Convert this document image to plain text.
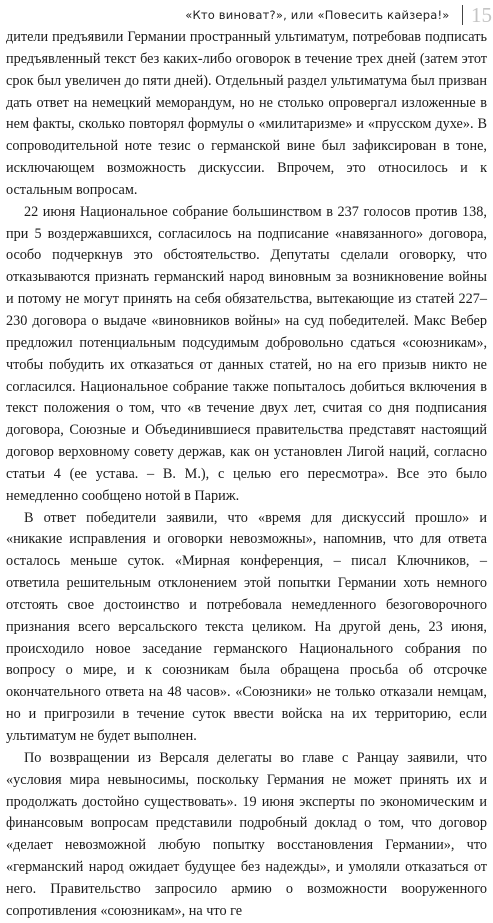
«Кто виноват?», или «Повесить кайзера!» 15

дители предъявили Германии пространный ультиматум, потребовав подписать предъявленный текст без каких-либо оговорок в течение трех дней (затем этот срок был увеличен до пяти дней). Отдельный раздел ультиматума был призван дать ответ на немецкий меморандум, но не столько опровергал изложенные в нем факты, сколько повторял формулы о «милитаризме» и «прусском духе». В сопроводительной ноте тезис о германской вине был зафиксирован в тоне, исключающем возможность дискуссии. Впрочем, это относилось и к остальным вопросам.

22 июня Национальное собрание большинством в 237 голосов против 138, при 5 воздержавшихся, согласилось на подписание «навязанного» договора, особо подчеркнув это обстоятельство. Депутаты сделали оговорку, что отказываются признать германский народ виновным за возникновение войны и потому не могут принять на себя обязательства, вытекающие из статей 227–230 договора о выдаче «виновников войны» на суд победителей. Макс Вебер предложил потенциальным подсудимым добровольно сдаться «союзникам», чтобы побудить их отказаться от данных статей, но на его призыв никто не согласился. Национальное собрание также попыталось добиться включения в текст положения о том, что «в течение двух лет, считая со дня подписания договора, Союзные и Объединившиеся правительства представят настоящий договор верховному совету держав, как он установлен Лигой наций, согласно статьи 4 (ее устава. – В. М.), с целью его пересмотра». Все это было немедленно сообщено нотой в Париж.

В ответ победители заявили, что «время для дискуссий прошло» и «никакие исправления и оговорки невозможны», напомнив, что для ответа осталось меньше суток. «Мирная конференция, – писал Ключников, – ответила решительным отклонением этой попытки Германии хоть немного отстоять свое достоинство и потребовала немедленного безоговорочного признания всего версальского текста целиком. На другой день, 23 июня, происходило новое заседание германского Национального собрания по вопросу о мире, и к союзникам была обращена просьба об отсрочке окончательного ответа на 48 часов». «Союзники» не только отказали немцам, но и пригрозили в течение суток ввести войска на их территорию, если ультиматум не будет выполнен.

По возвращении из Версаля делегаты во главе с Ранцау заявили, что «условия мира невыносимы, поскольку Германия не может принять их и продолжать достойно существовать». 19 июня эксперты по экономическим и финансовым вопросам представили подробный доклад о том, что договор «делает невозможной любую попытку восстановления Германии», что «германский народ ожидает будущее без надежды», и умоляли отказаться от него. Правительство запросило армию о возможности вооруженного сопротивления «союзникам», на что ге
